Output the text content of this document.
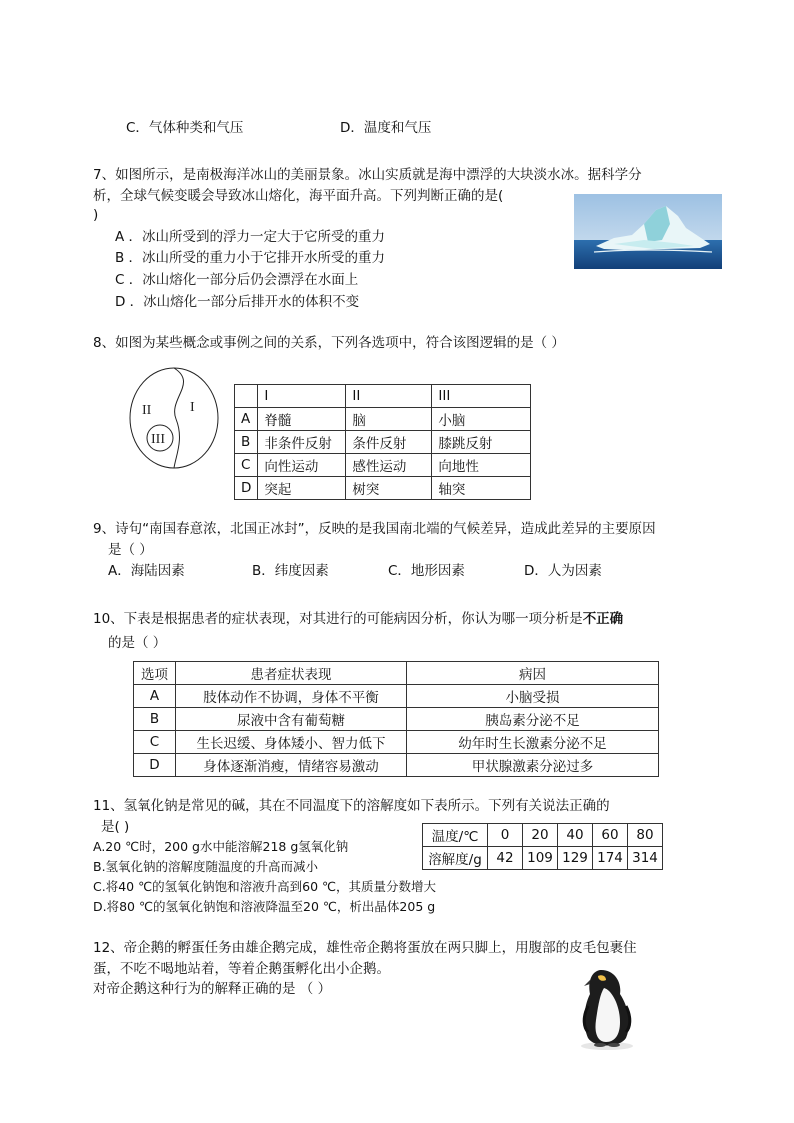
C．气体种类和气压	D．温度和气压
7、如图所示，是南极海洋冰山的美丽景象。冰山实质就是海中漂浮的大块淡水冰。据科学分
析，全球气候变暖会导致冰山熔化，海平面升高。下列判断正确的是(
)
A ．冰山所受到的浮力一定大于它所受的重力
B ．冰山所受的重力小于它排开水所受的重力
C ．冰山熔化一部分后仍会漂浮在水面上
D ．冰山熔化一部分后排开水的体积不变
8、如图为某些概念或事例之间的关系，下列各选项中，符合该图逻辑的是（ ）
I
II
III
	I	II	III
A	脊髓	脑	小脑
B	非条件反射	条件反射	膝跳反射
C	向性运动	感性运动	向地性
D	突起	树突	轴突
9、诗句“南国春意浓，北国正冰封”，反映的是我国南北端的气候差异，造成此差异的主要原因
是（ ）
A．海陆因素	B．纬度因素	C．地形因素	D．人为因素
10、下表是根据患者的症状表现，对其进行的可能病因分析，你认为哪一项分析是不正确
的是（ ）
选项	患者症状表现	病因
A	肢体动作不协调，身体不平衡	小脑受损
B	尿液中含有葡萄糖	胰岛素分泌不足
C	生长迟缓、身体矮小、智力低下	幼年时生长激素分泌不足
D	身体逐渐消瘦，情绪容易激动	甲状腺激素分泌过多
11、氢氧化钠是常见的碱，其在不同温度下的溶解度如下表所示。下列有关说法正确的
是( )
A.20 ℃时，200 g水中能溶解218 g氢氧化钠
B.氢氧化钠的溶解度随温度的升高而减小
C.将40 ℃的氢氧化钠饱和溶液升高到60 ℃，其质量分数增大
D.将80 ℃的氢氧化钠饱和溶液降温至20 ℃，析出晶体205 g
温度/℃	0	20	40	60	80
溶解度/g	42	109	129	174	314
12、帝企鹅的孵蛋任务由雄企鹅完成，雄性帝企鹅将蛋放在两只脚上，用腹部的皮毛包裹住
蛋，不吃不喝地站着，等着企鹅蛋孵化出小企鹅。
对帝企鹅这种行为的解释正确的是 （ ）
